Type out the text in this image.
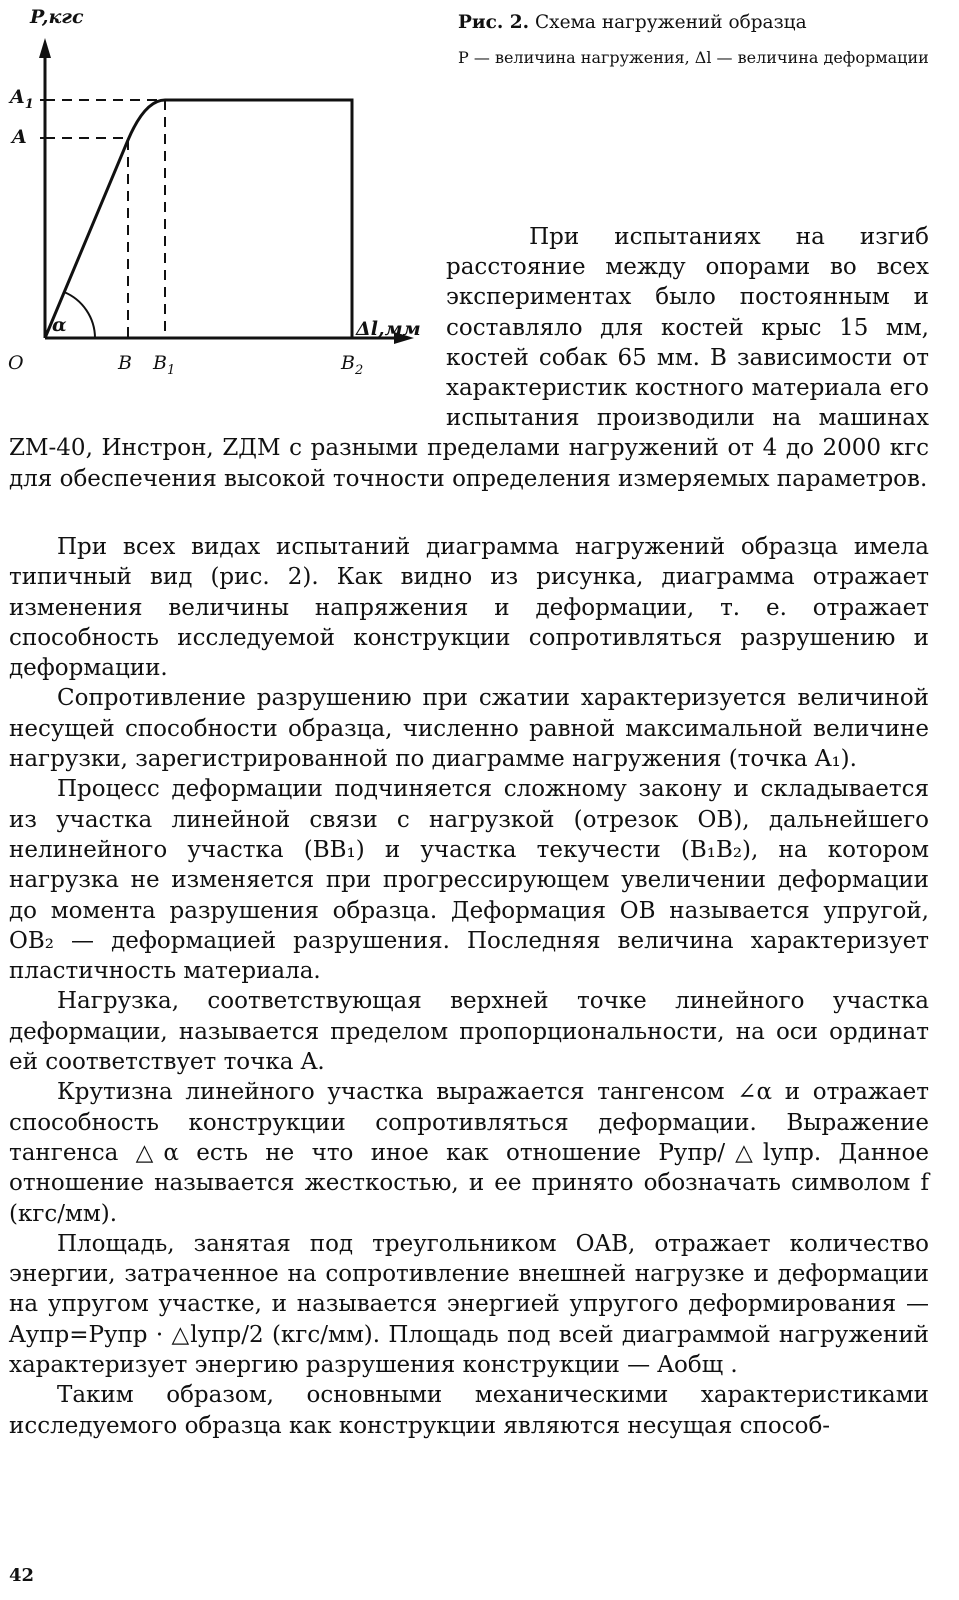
P,кгс
$A_1$
A
α	Δl,мм
O	B $B_1$	$B_2$

Рис. 2. Схема нагружений образца

P — величина нагружения, Δl — величина деформации

При испытаниях на изгиб расстояние между опорами во всех экспериментах было постоянным и составляло для костей крыс 15 мм, костей собак 65 мм. В зависимости от характеристик костного материала его испытания производили на машинах ZM-40, Инстрон, ZДМ с разными пределами нагружений от 4 до 2000 кгс для обеспечения высокой точности определения измеряемых параметров.

При всех видах испытаний диаграмма нагружений образца имела типичный вид (рис. 2). Как видно из рисунка, диаграмма отражает изменения величины напряжения и деформации, т. е. отражает способность исследуемой конструкции сопротивляться разрушению и деформации.

Сопротивление разрушению при сжатии характеризуется величиной несущей способности образца, численно равной максимальной величине нагрузки, зарегистрированной по диаграмме нагружения (точка A₁).

Процесс деформации подчиняется сложному закону и складывается из участка линейной связи с нагрузкой (отрезок OB), дальнейшего нелинейного участка (BB₁) и участка текучести (B₁B₂), на котором нагрузка не изменяется при прогрессирующем увеличении деформации до момента разрушения образца. Деформация OB называется упругой, OB₂ — деформацией разрушения. Последняя величина характеризует пластичность материала.

Нагрузка, соответствующая верхней точке линейного участка деформации, называется пределом пропорциональности, на оси ординат ей соответствует точка A.

Крутизна линейного участка выражается тангенсом ∠α и отражает способность конструкции сопротивляться деформации. Выражение тангенса △α есть не что иное как отношение Pупр/△lупр. Данное отношение называется жесткостью, и ее принято обозначать символом f (кгс/мм).

Площадь, занятая под треугольником OAB, отражает количество энергии, затраченное на сопротивление внешней нагрузке и деформации на упругом участке, и называется энергией упругого деформирования — Aупр=Pупр · △lупр/2 (кгс/мм). Площадь под всей диаграммой нагружений характеризует энергию разрушения конструкции — Aобщ .

Таким образом, основными механическими характеристиками исследуемого образца как конструкции являются несущая способ-

42
